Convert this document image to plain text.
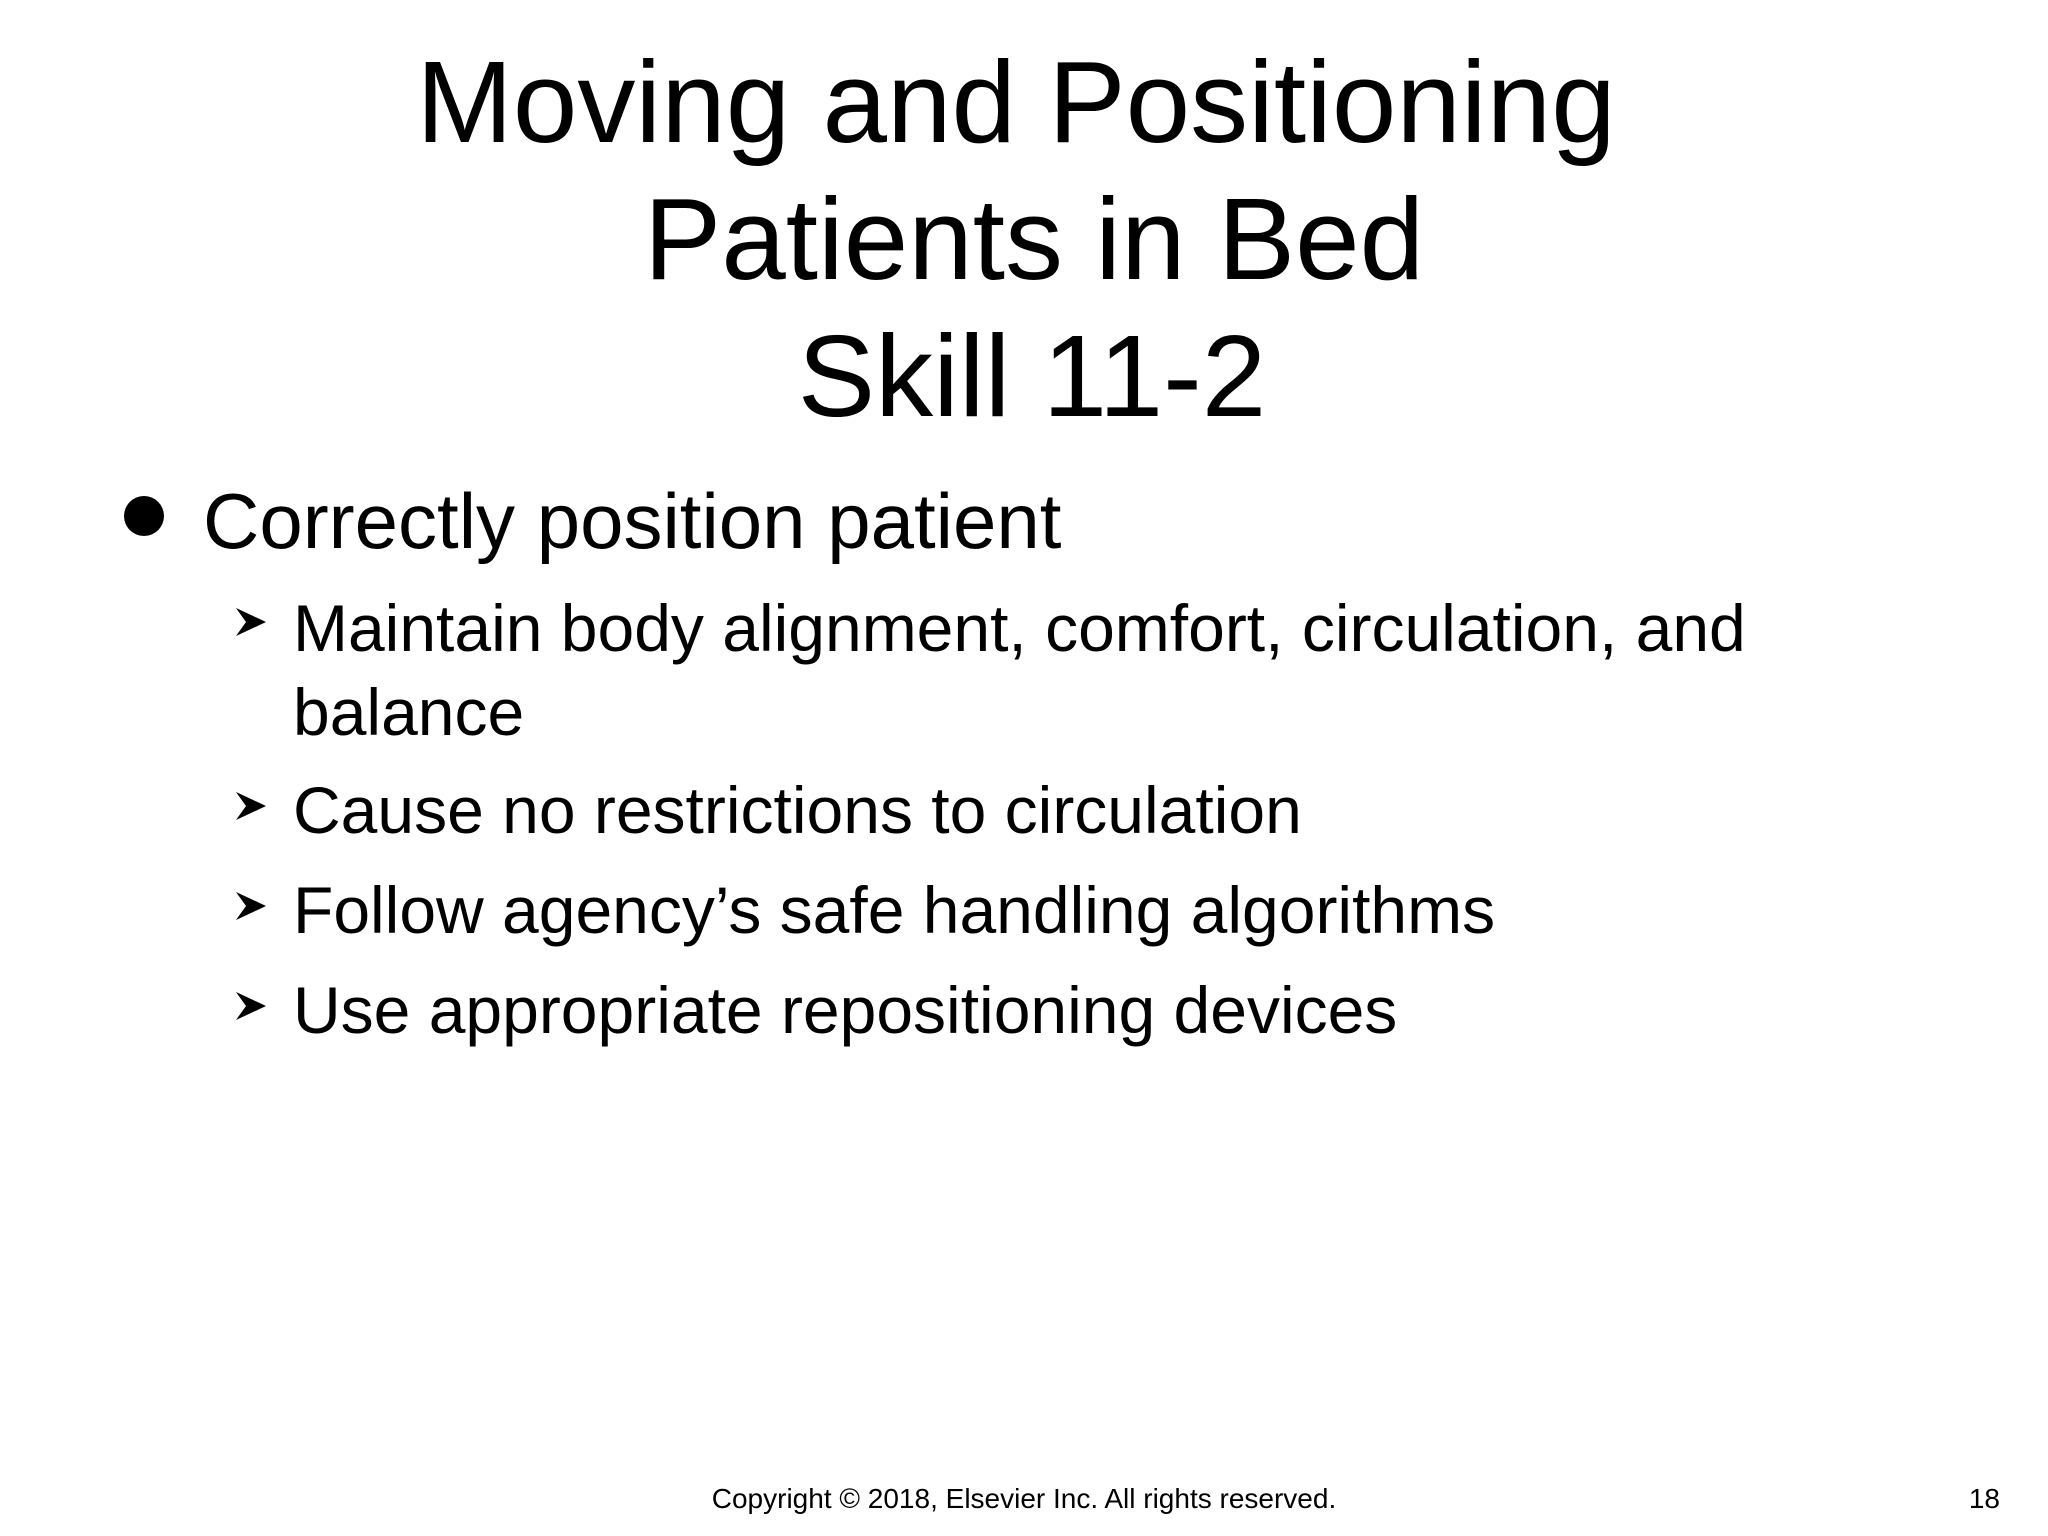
Moving and Positioning
Patients in Bed
Skill 11-2
Correctly position patient
Maintain body alignment, comfort, circulation, and balance
Cause no restrictions to circulation
Follow agency’s safe handling algorithms
Use appropriate repositioning devices
Copyright © 2018, Elsevier Inc. All rights reserved.	18
